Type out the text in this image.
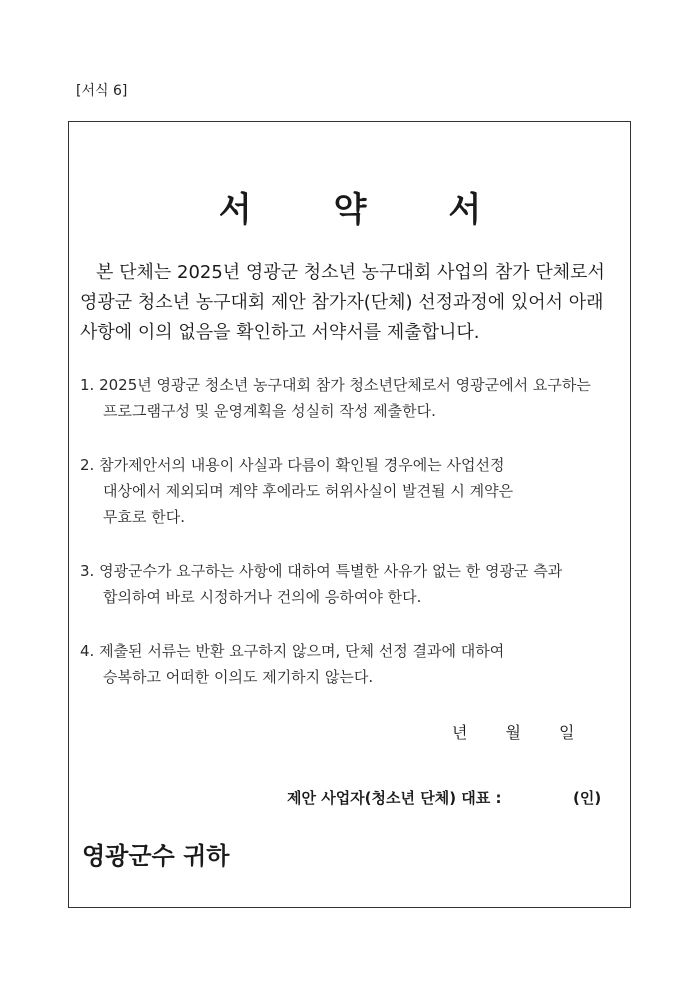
[서식 6]
서 약 서
본 단체는 2025년 영광군 청소년 농구대회 사업의 참가 단체로서
영광군 청소년 농구대회 제안 참가자(단체) 선정과정에 있어서 아래
사항에 이의 없음을 확인하고 서약서를 제출합니다.
1. 2025년 영광군 청소년 농구대회 참가 청소년단체로서 영광군에서 요구하는
프로그램구성 및 운영계획을 성실히 작성 제출한다.
2. 참가제안서의 내용이 사실과 다름이 확인될 경우에는 사업선정
대상에서 제외되며 계약 후에라도 허위사실이 발견될 시 계약은
무효로 한다.
3. 영광군수가 요구하는 사항에 대하여 특별한 사유가 없는 한 영광군 측과
합의하여 바로 시정하거나 건의에 응하여야 한다.
4. 제출된 서류는 반환 요구하지 않으며, 단체 선정 결과에 대하여
승복하고 어떠한 이의도 제기하지 않는다.
년 월 일
제안 사업자(청소년 단체) 대표 :	(인)
영광군수 귀하
